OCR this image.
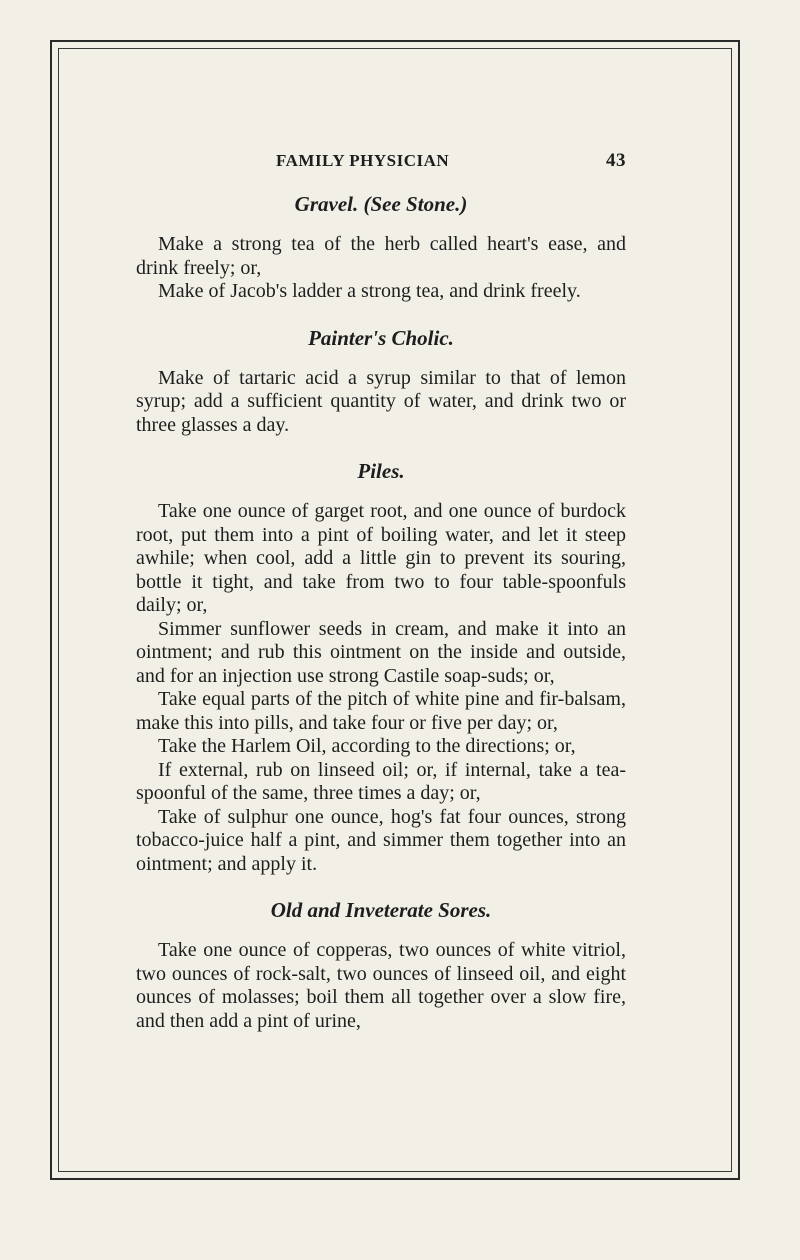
FAMILY PHYSICIAN	43
Gravel. (See Stone.)

Make a strong tea of the herb called heart's ease, and drink freely; or,

Make of Jacob's ladder a strong tea, and drink freely.

Painter's Cholic.

Make of tartaric acid a syrup similar to that of lemon syrup; add a sufficient quantity of water, and drink two or three glasses a day.

Piles.

Take one ounce of garget root, and one ounce of burdock root, put them into a pint of boiling water, and let it steep awhile; when cool, add a little gin to prevent its souring, bottle it tight, and take from two to four table-spoonfuls daily; or,

Simmer sunflower seeds in cream, and make it into an ointment; and rub this ointment on the inside and outside, and for an injection use strong Castile soap-suds; or,

Take equal parts of the pitch of white pine and fir-balsam, make this into pills, and take four or five per day; or,

Take the Harlem Oil, according to the directions; or,

If external, rub on linseed oil; or, if internal, take a tea-spoonful of the same, three times a day; or,

Take of sulphur one ounce, hog's fat four ounces, strong tobacco-juice half a pint, and simmer them together into an ointment; and apply it.

Old and Inveterate Sores.

Take one ounce of copperas, two ounces of white vitriol, two ounces of rock-salt, two ounces of linseed oil, and eight ounces of molasses; boil them all together over a slow fire, and then add a pint of urine,
